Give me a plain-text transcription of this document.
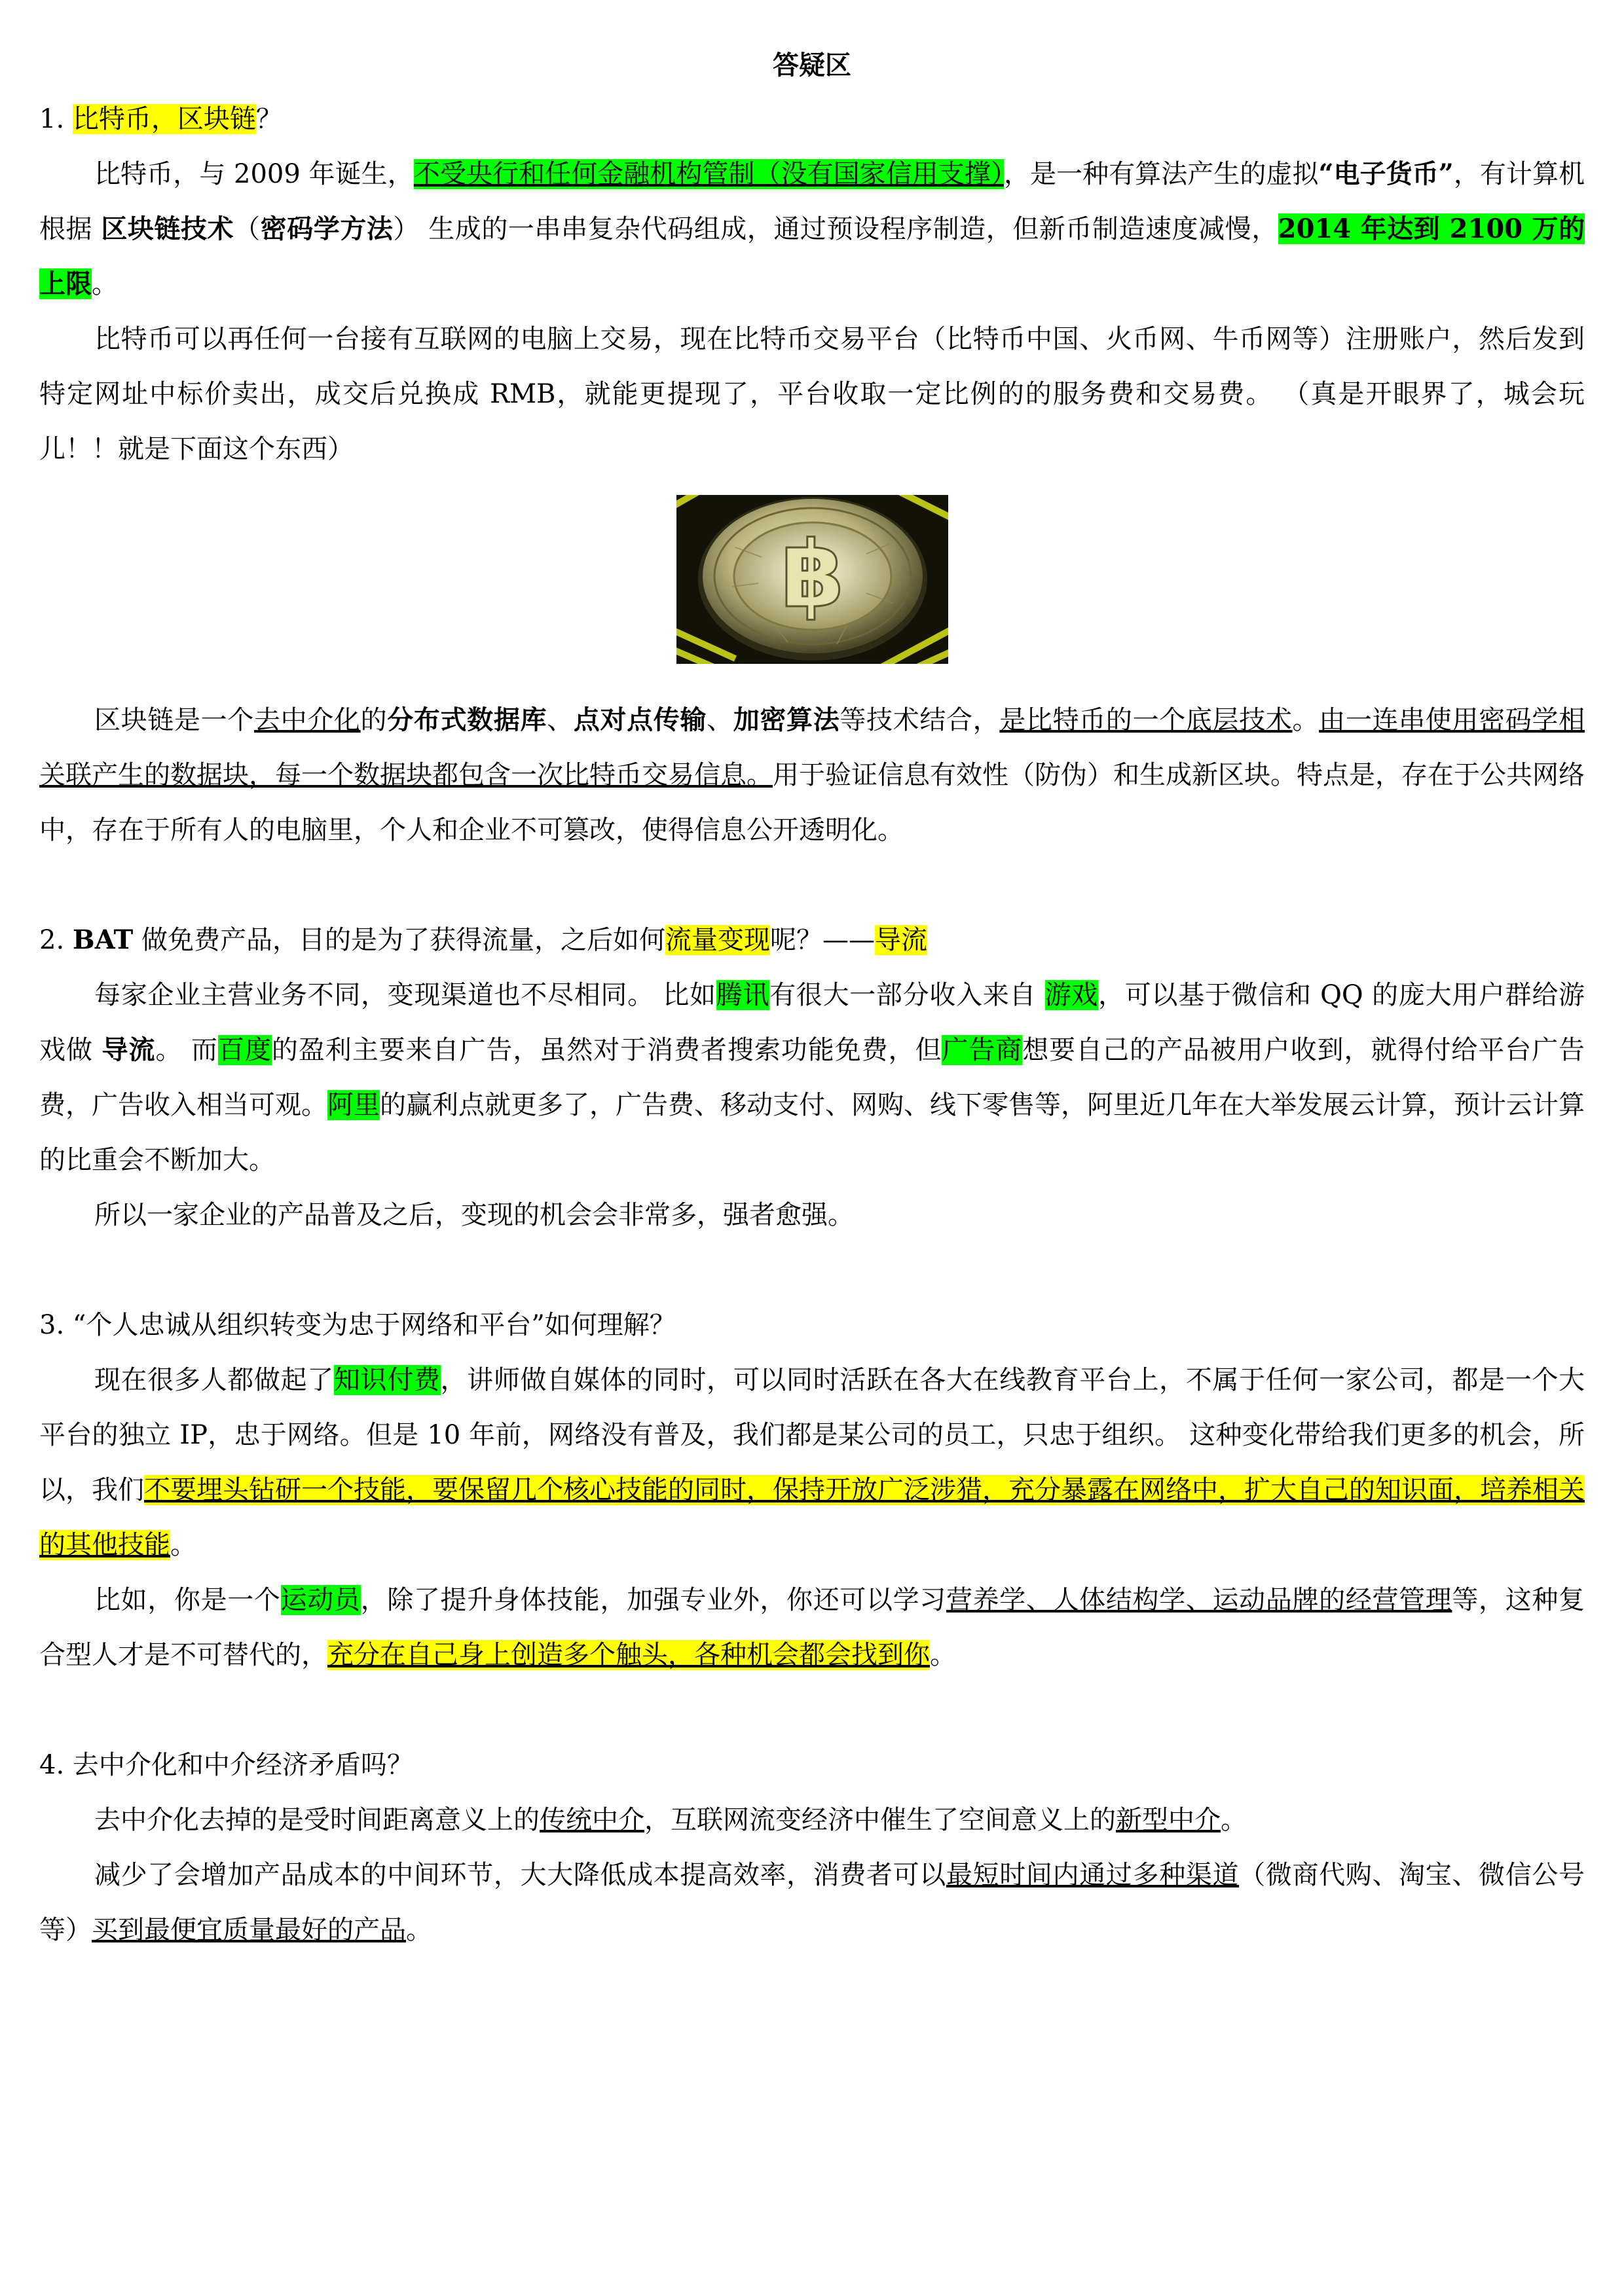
答疑区

1. 比特币，区块链？

比特币，与 2009 年诞生，不受央行和任何金融机构管制（没有国家信用支撑），是一种有算法产生的虚拟“电子货币”，有计算机根据 区块链技术（密码学方法） 生成的一串串复杂代码组成，通过预设程序制造，但新币制造速度减慢，2014 年达到 2100 万的上限。

比特币可以再任何一台接有互联网的电脑上交易，现在比特币交易平台（比特币中国、火币网、牛币网等）注册账户，然后发到特定网址中标价卖出，成交后兑换成 RMB，就能更提现了，平台收取一定比例的的服务费和交易费。 （真是开眼界了，城会玩儿！！就是下面这个东西）

฿

区块链是一个去中介化的分布式数据库、点对点传输、加密算法等技术结合，是比特币的一个底层技术。由一连串使用密码学相关联产生的数据块，每一个数据块都包含一次比特币交易信息。用于验证信息有效性（防伪）和生成新区块。特点是，存在于公共网络中，存在于所有人的电脑里，个人和企业不可篡改，使得信息公开透明化。

2. BAT 做免费产品，目的是为了获得流量，之后如何流量变现呢？——导流

每家企业主营业务不同，变现渠道也不尽相同。 比如腾讯有很大一部分收入来自 游戏，可以基于微信和 QQ 的庞大用户群给游戏做 导流。 而百度的盈利主要来自广告，虽然对于消费者搜索功能免费，但广告商想要自己的产品被用户收到，就得付给平台广告费，广告收入相当可观。阿里的赢利点就更多了，广告费、移动支付、网购、线下零售等，阿里近几年在大举发展云计算，预计云计算的比重会不断加大。

所以一家企业的产品普及之后，变现的机会会非常多，强者愈强。

3. “个人忠诚从组织转变为忠于网络和平台”如何理解？

现在很多人都做起了知识付费，讲师做自媒体的同时，可以同时活跃在各大在线教育平台上，不属于任何一家公司，都是一个大平台的独立 IP，忠于网络。但是 10 年前，网络没有普及，我们都是某公司的员工，只忠于组织。 这种变化带给我们更多的机会，所以，我们不要埋头钻研一个技能，要保留几个核心技能的同时，保持开放广泛涉猎，充分暴露在网络中，扩大自己的知识面，培养相关的其他技能。

比如，你是一个运动员，除了提升身体技能，加强专业外，你还可以学习营养学、人体结构学、运动品牌的经营管理等，这种复合型人才是不可替代的，充分在自己身上创造多个触头，各种机会都会找到你。

4. 去中介化和中介经济矛盾吗？

去中介化去掉的是受时间距离意义上的传统中介，互联网流变经济中催生了空间意义上的新型中介。

减少了会增加产品成本的中间环节，大大降低成本提高效率，消费者可以最短时间内通过多种渠道（微商代购、淘宝、微信公号等）买到最便宜质量最好的产品。
